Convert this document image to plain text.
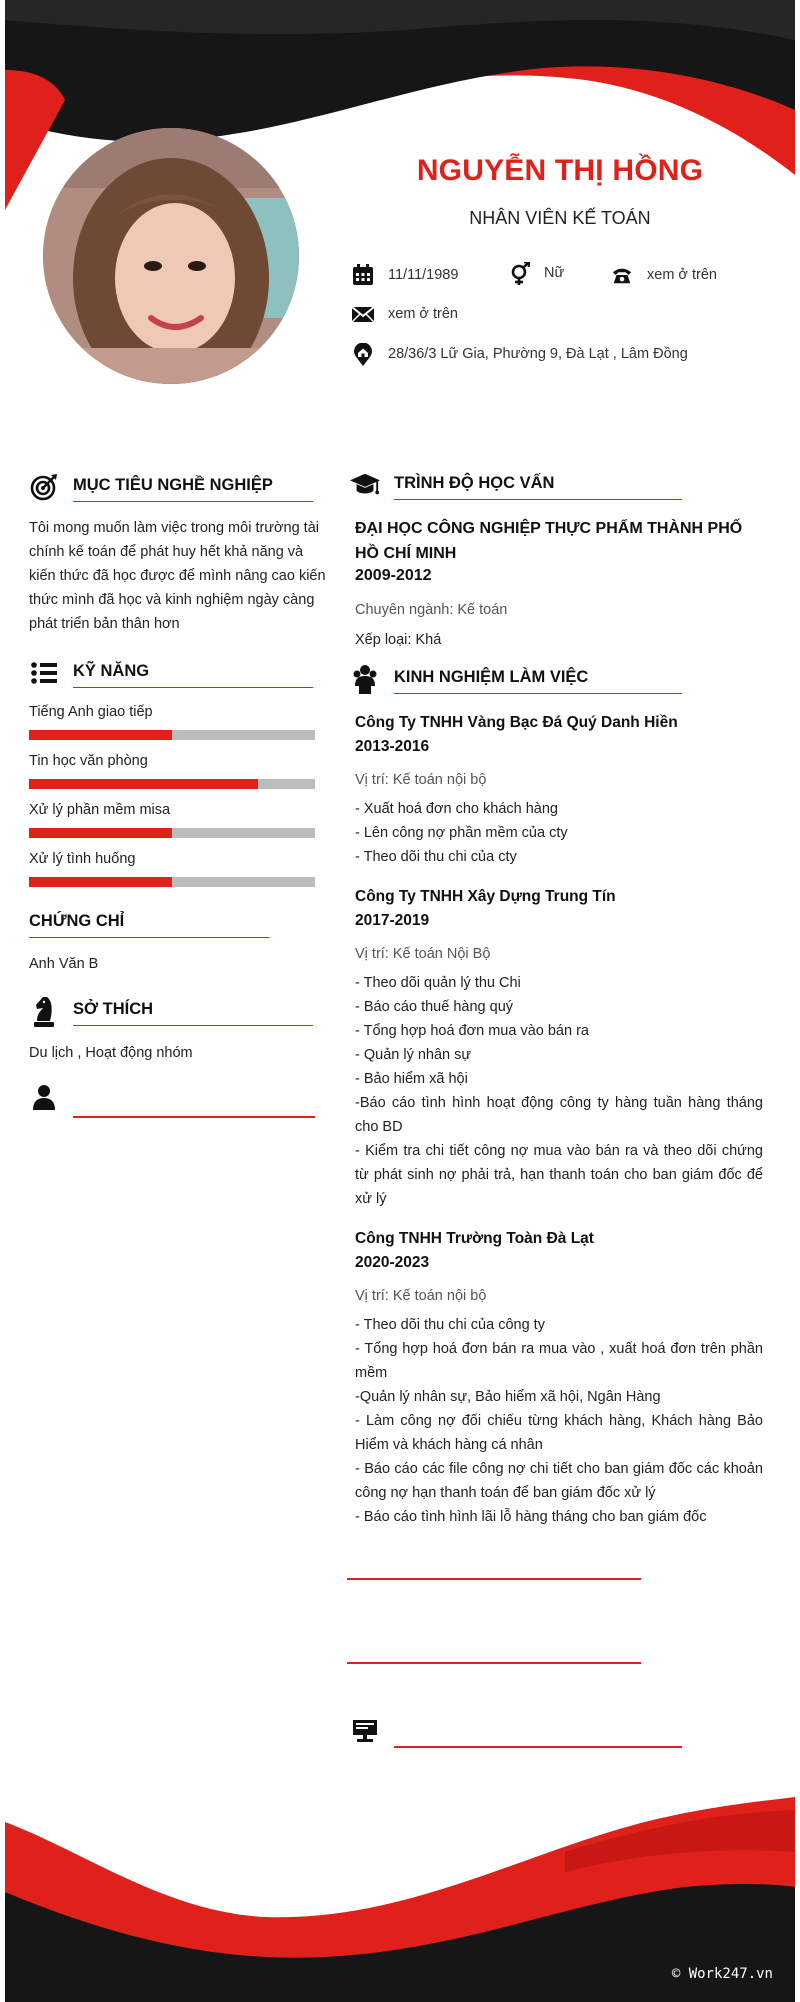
NGUYỄN THỊ HỒNG
NHÂN VIÊN KẾ TOÁN
11/11/1989	Nữ	xem ở trên
xem ở trên
28/36/3 Lữ Gia, Phường 9, Đà Lạt , Lâm Đồng
MỤC TIÊU NGHỀ NGHIỆP
Tôi mong muốn làm việc trong môi trường tài chính kế toán để phát huy hết khả năng và kiến thức đã học được để mình nâng cao kiến thức mình đã học và kinh nghiệm ngày càng phát triển bản thân hơn
KỸ NĂNG
Tiếng Anh giao tiếp
Tin học văn phòng
Xử lý phần mềm misa
Xử lý tình huống
CHỨNG CHỈ
Anh Văn B
SỞ THÍCH
Du lịch , Hoạt động nhóm
TRÌNH ĐỘ HỌC VẤN
ĐẠI HỌC CÔNG NGHIỆP THỰC PHẨM THÀNH PHỐ HỒ CHÍ MINH
2009-2012
Chuyên ngành: Kế toán
Xếp loại: Khá
KINH NGHIỆM LÀM VIỆC
Công Ty TNHH Vàng Bạc Đá Quý Danh Hiền
2013-2016
Vị trí: Kế toán nội bộ
- Xuất hoá đơn cho khách hàng
- Lên công nợ phần mềm của cty
- Theo dõi thu chi của cty
Công Ty TNHH Xây Dựng Trung Tín
2017-2019
Vị trí: Kế toán Nội Bộ
- Theo dõi quản lý thu Chi
- Báo cáo thuế hàng quý
- Tổng hợp hoá đơn mua vào bán ra
- Quản lý nhân sự
- Bảo hiểm xã hội
-Báo cáo tình hình hoạt động công ty hàng tuần hàng tháng cho BD
- Kiểm tra chi tiết công nợ mua vào bán ra và theo dõi chứng từ phát sinh nợ phải trả, hạn thanh toán cho ban giám đốc để xử lý
Công TNHH Trường Toàn Đà Lạt
2020-2023
Vị trí: Kế toán nội bộ
- Theo dõi thu chi của công ty
- Tổng hợp hoá đơn bán ra mua vào , xuất hoá đơn trên phần mềm
-Quản lý nhân sự, Bảo hiểm xã hội, Ngân Hàng
- Làm công nợ đối chiếu từng khách hàng, Khách hàng Bảo Hiểm và khách hàng cá nhân
- Báo cáo các file công nợ chi tiết cho ban giám đốc các khoản công nợ hạn thanh toán để ban giám đốc xử lý
- Báo cáo tình hình lãi lỗ hàng tháng cho ban giám đốc
© Work247.vn
